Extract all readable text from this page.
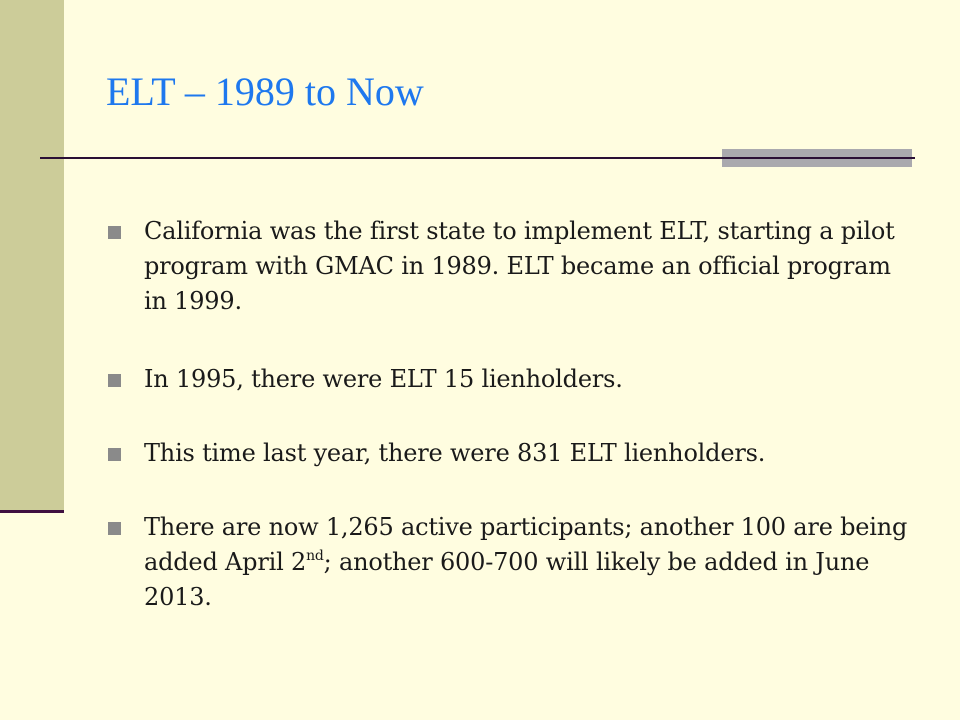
ELT – 1989 to Now
California was the first state to implement ELT, starting a pilot program with GMAC in 1989. ELT became an official program in 1999.
In 1995, there were ELT 15 lienholders.
This time last year, there were 831 ELT lienholders.
There are now 1,265 active participants; another 100 are being added April 2nd; another 600-700 will likely be added in June 2013.
